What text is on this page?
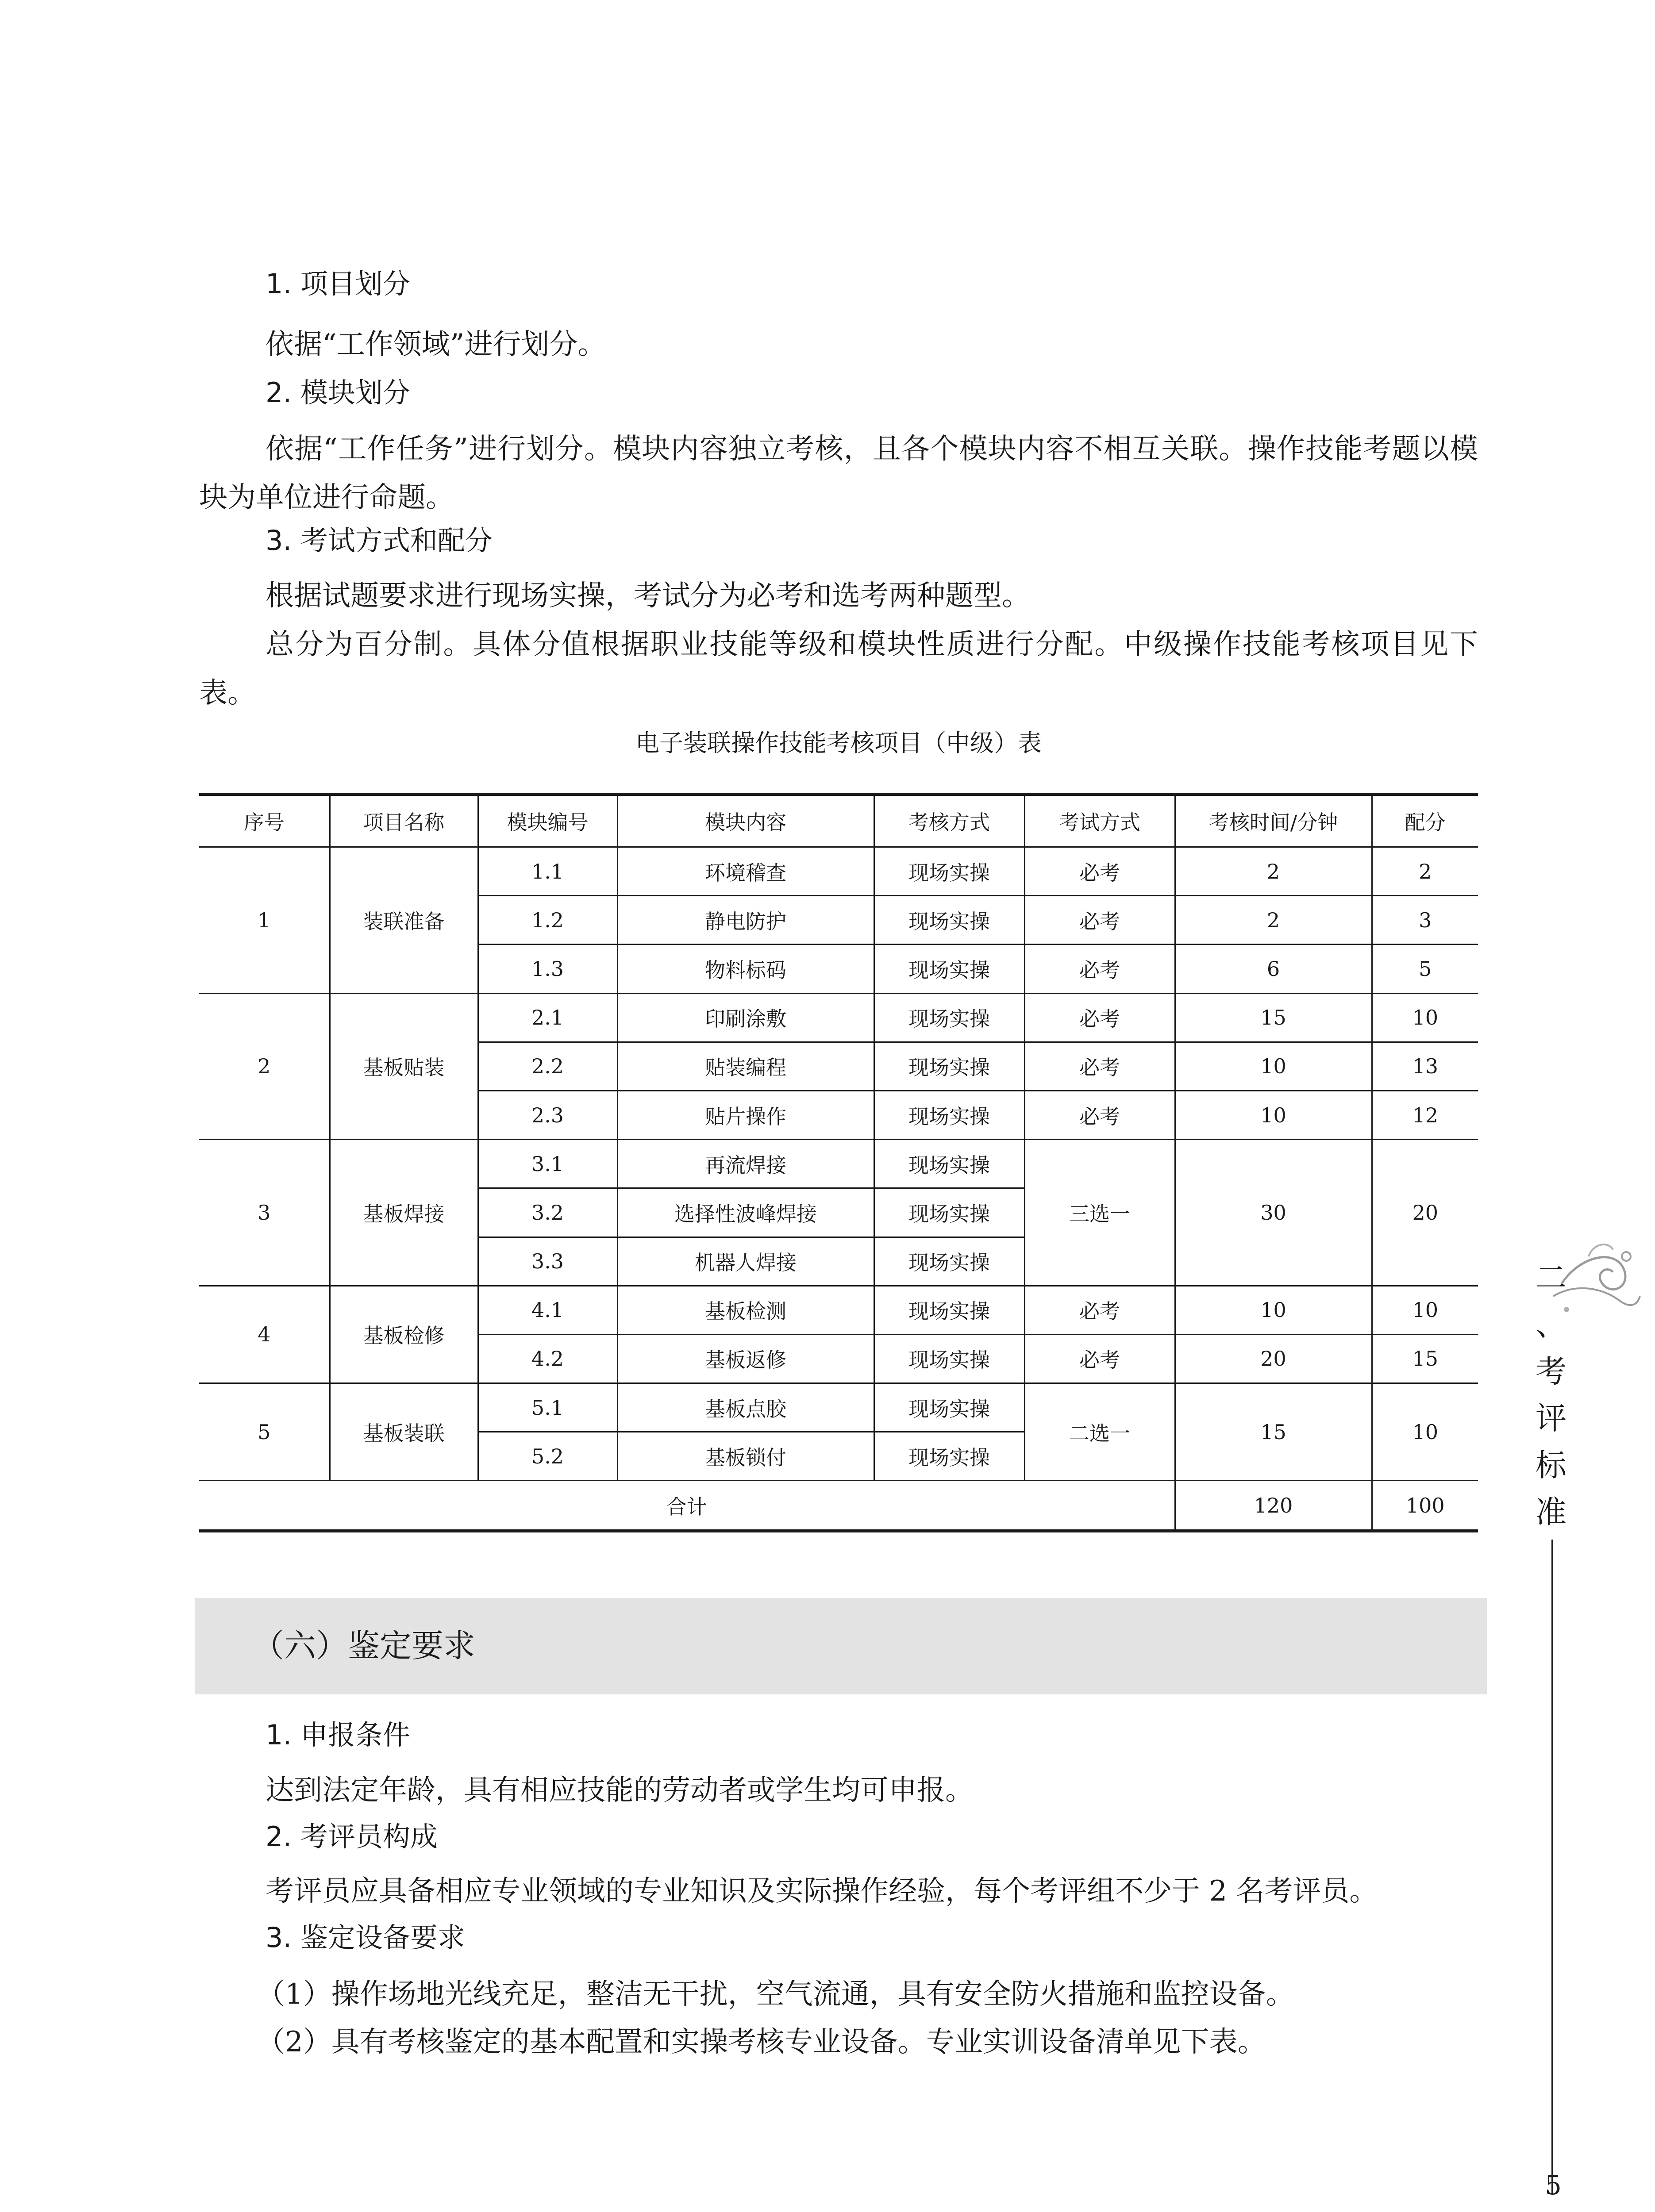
1. 项目划分
依据“工作领域”进行划分。
2. 模块划分
依据“工作任务”进行划分。模块内容独立考核，且各个模块内容不相互关联。操作技能考题以模块为单位进行命题。
3. 考试方式和配分
根据试题要求进行现场实操，考试分为必考和选考两种题型。
总分为百分制。具体分值根据职业技能等级和模块性质进行分配。中级操作技能考核项目见下表。
电子装联操作技能考核项目（中级）表
序号	项目名称	模块编号	模块内容	考核方式	考试方式	考核时间/分钟	配分
1	装联准备	1.1	环境稽查	现场实操	必考	2	2
		1.2	静电防护	现场实操	必考	2	3
		1.3	物料标码	现场实操	必考	6	5
2	基板贴装	2.1	印刷涂敷	现场实操	必考	15	10
		2.2	贴装编程	现场实操	必考	10	13
		2.3	贴片操作	现场实操	必考	10	12
3	基板焊接	3.1	再流焊接	现场实操	三选一	30	20
		3.2	选择性波峰焊接	现场实操			
		3.3	机器人焊接	现场实操			
4	基板检修	4.1	基板检测	现场实操	必考	10	10
		4.2	基板返修	现场实操	必考	20	15
5	基板装联	5.1	基板点胶	现场实操	二选一	15	10
		5.2	基板锁付	现场实操			
合计						120	100
（六）鉴定要求
1. 申报条件
达到法定年龄，具有相应技能的劳动者或学生均可申报。
2. 考评员构成
考评员应具备相应专业领域的专业知识及实际操作经验，每个考评组不少于 2 名考评员。
3. 鉴定设备要求
（1）操作场地光线充足，整洁无干扰，空气流通，具有安全防火措施和监控设备。
（2）具有考核鉴定的基本配置和实操考核专业设备。专业实训设备清单见下表。
二
、
考
评
标
准
5
